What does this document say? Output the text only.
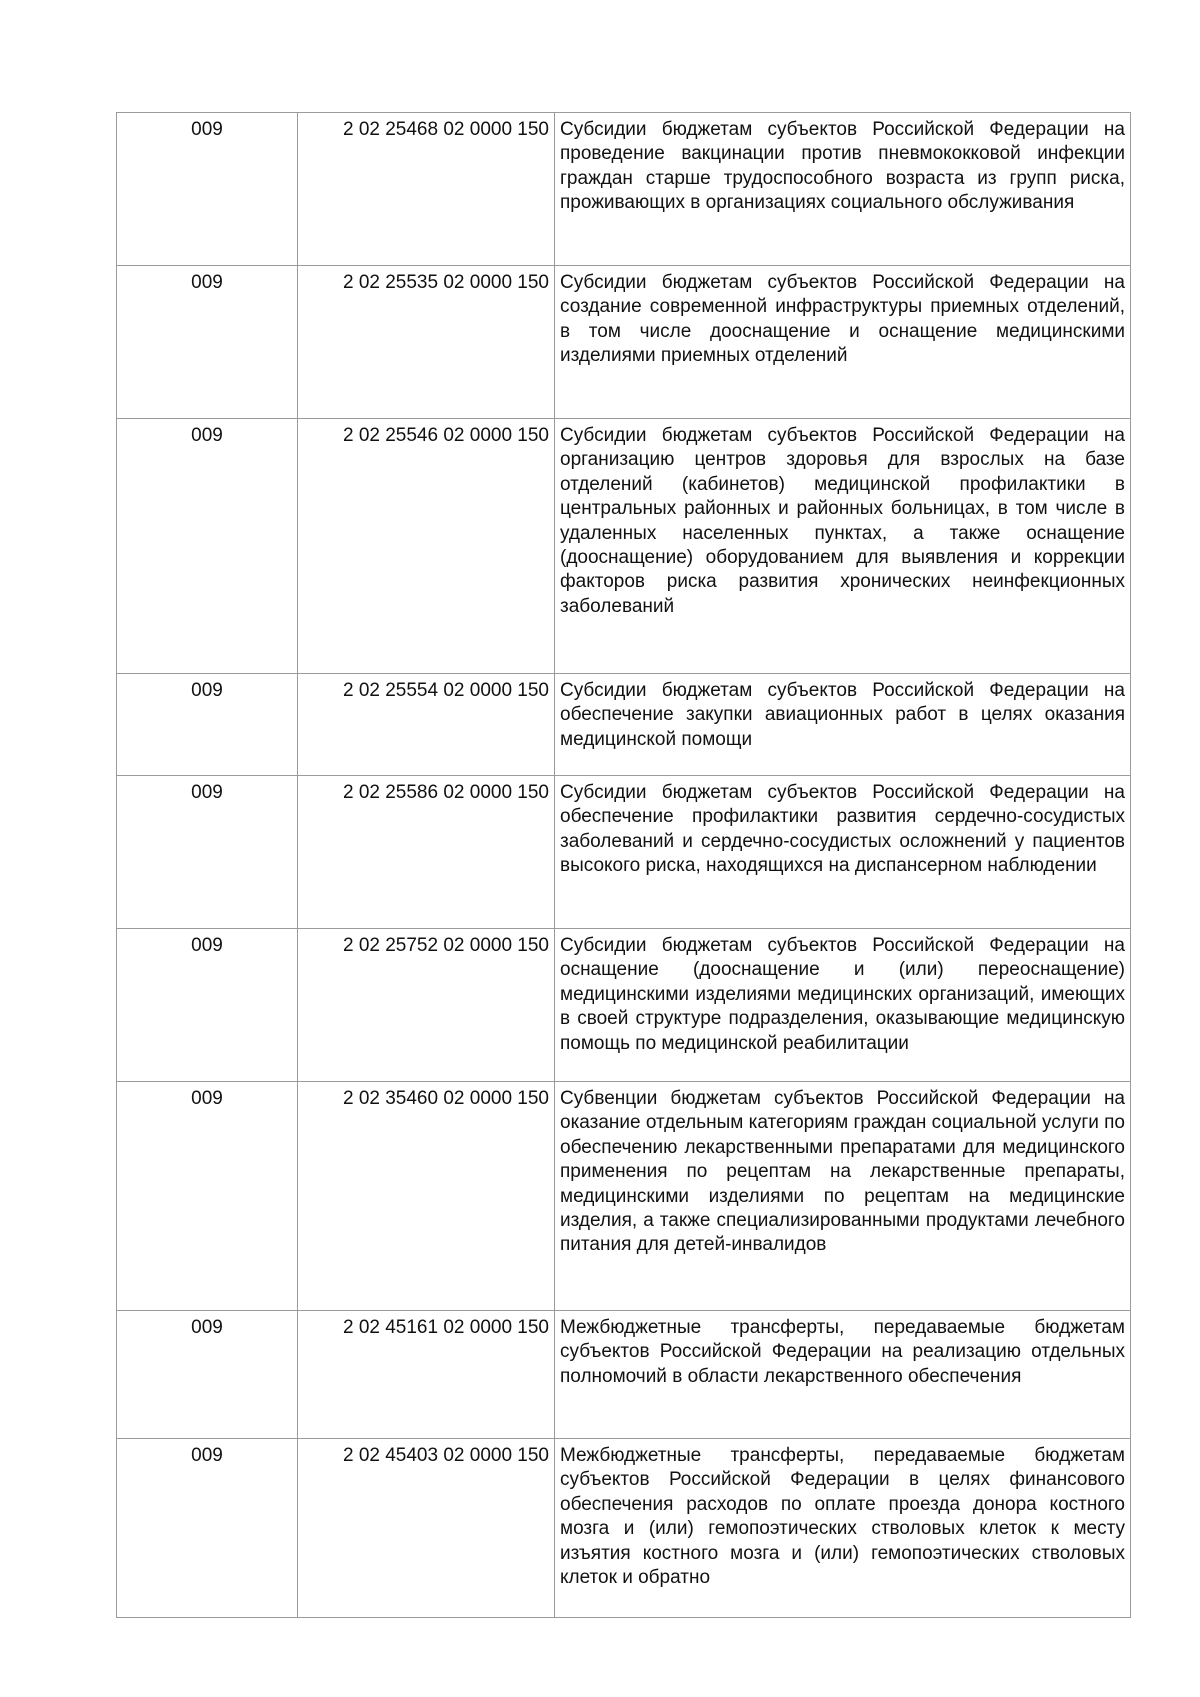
009	2 02 25468 02 0000 150	Субсидии бюджетам субъектов Российской Федерации на проведение вакцинации против пневмококковой инфекции граждан старше трудоспособного возраста из групп риска, проживающих в организациях социального обслуживания
009	2 02 25535 02 0000 150	Субсидии бюджетам субъектов Российской Федерации на создание современной инфраструктуры приемных отделений, в том числе дооснащение и оснащение медицинскими изделиями приемных отделений
009	2 02 25546 02 0000 150	Субсидии бюджетам субъектов Российской Федерации на организацию центров здоровья для взрослых на базе отделений (кабинетов) медицинской профилактики в центральных районных и районных больницах, в том числе в удаленных населенных пунктах, а также оснащение (дооснащение) оборудованием для выявления и коррекции факторов риска развития хронических неинфекционных заболеваний
009	2 02 25554 02 0000 150	Субсидии бюджетам субъектов Российской Федерации на обеспечение закупки авиационных работ в целях оказания медицинской помощи
009	2 02 25586 02 0000 150	Субсидии бюджетам субъектов Российской Федерации на обеспечение профилактики развития сердечно-сосудистых заболеваний и сердечно-сосудистых осложнений у пациентов высокого риска, находящихся на диспансерном наблюдении
009	2 02 25752 02 0000 150	Субсидии бюджетам субъектов Российской Федерации на оснащение (дооснащение и (или) переоснащение) медицинскими изделиями медицинских организаций, имеющих в своей структуре подразделения, оказывающие медицинскую помощь по медицинской реабилитации
009	2 02 35460 02 0000 150	Субвенции бюджетам субъектов Российской Федерации на оказание отдельным категориям граждан социальной услуги по обеспечению лекарственными препаратами для медицинского применения по рецептам на лекарственные препараты, медицинскими изделиями по рецептам на медицинские изделия, а также специализированными продуктами лечебного питания для детей-инвалидов
009	2 02 45161 02 0000 150	Межбюджетные трансферты, передаваемые бюджетам субъектов Российской Федерации на реализацию отдельных полномочий в области лекарственного обеспечения
009	2 02 45403 02 0000 150	Межбюджетные трансферты, передаваемые бюджетам субъектов Российской Федерации в целях финансового обеспечения расходов по оплате проезда донора костного мозга и (или) гемопоэтических стволовых клеток к месту изъятия костного мозга и (или) гемопоэтических стволовых клеток и обратно
